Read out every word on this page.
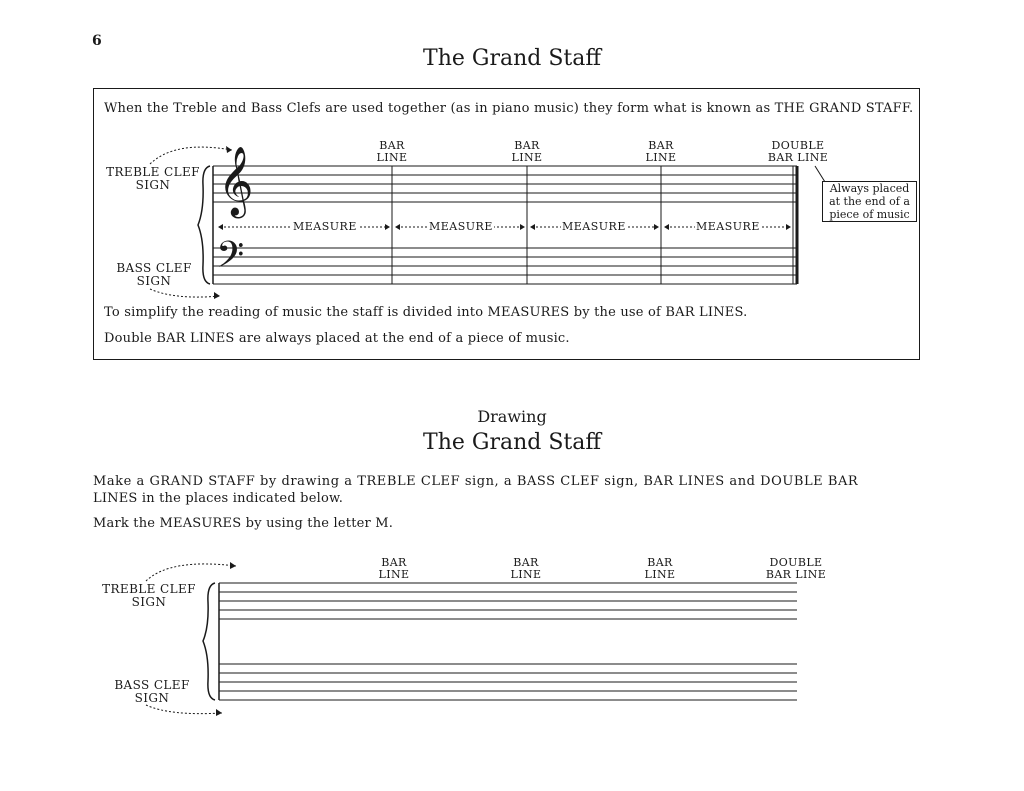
6
The Grand Staff
When the Treble and Bass Clefs are used together (as in piano music) they form what is known as THE GRAND STAFF.
𝄞
𝄢
BAR
LINE
BAR
LINE
BAR
LINE
DOUBLE
BAR LINE
TREBLE CLEF
SIGN
BASS CLEF
SIGN
MEASURE	MEASURE	MEASURE	MEASURE
Always placed
at the end of a
piece of music
To simplify the reading of music the staff is divided into MEASURES by the use of BAR LINES.
Double BAR LINES are always placed at the end of a piece of music.
Drawing
The Grand Staff
Make a GRAND STAFF by drawing a TREBLE CLEF sign, a BASS CLEF sign, BAR LINES and DOUBLE BAR
LINES in the places indicated below.
Mark the MEASURES by using the letter M.
BAR
LINE
BAR
LINE
BAR
LINE
DOUBLE
BAR LINE
TREBLE CLEF
SIGN
BASS CLEF
SIGN
